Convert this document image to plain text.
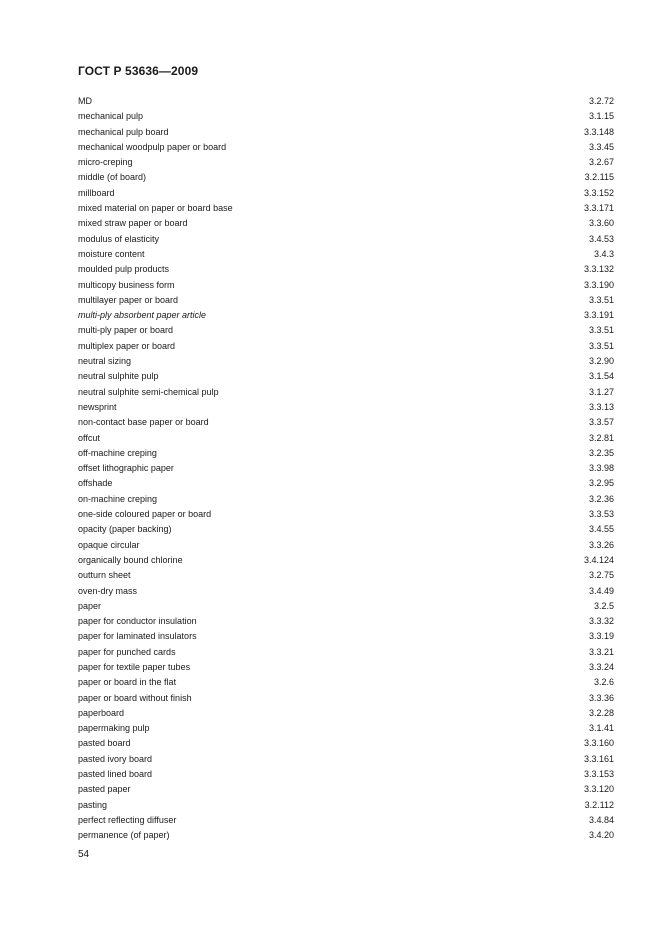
ГОСТ Р 53636—2009
MD	3.2.72
mechanical pulp	3.1.15
mechanical pulp board	3.3.148
mechanical woodpulp paper or board	3.3.45
micro-creping	3.2.67
middle (of board)	3.2.115
millboard	3.3.152
mixed material on paper or board base	3.3.171
mixed straw paper or board	3.3.60
modulus of elasticity	3.4.53
moisture content	3.4.3
moulded pulp products	3.3.132
multicopy business form	3.3.190
multilayer paper or board	3.3.51
multi-ply absorbent paper article	3.3.191
multi-ply paper or board	3.3.51
multiplex paper or board	3.3.51
neutral sizing	3.2.90
neutral sulphite pulp	3.1.54
neutral sulphite semi-chemical pulp	3.1.27
newsprint	3.3.13
non-contact base paper or board	3.3.57
offcut	3.2.81
off-machine creping	3.2.35
offset lithographic paper	3.3.98
offshade	3.2.95
on-machine creping	3.2.36
one-side coloured paper or board	3.3.53
opacity (paper backing)	3.4.55
opaque circular	3.3.26
organically bound chlorine	3.4.124
outturn sheet	3.2.75
oven-dry mass	3.4.49
paper	3.2.5
paper for conductor insulation	3.3.32
paper for laminated insulators	3.3.19
paper for punched cards	3.3.21
paper for textile paper tubes	3.3.24
paper or board in the flat	3.2.6
paper or board without finish	3.3.36
paperboard	3.2.28
papermaking pulp	3.1.41
pasted board	3.3.160
pasted ivory board	3.3.161
pasted lined board	3.3.153
pasted paper	3.3.120
pasting	3.2.112
perfect reflecting diffuser	3.4.84
permanence (of paper)	3.4.20
54
